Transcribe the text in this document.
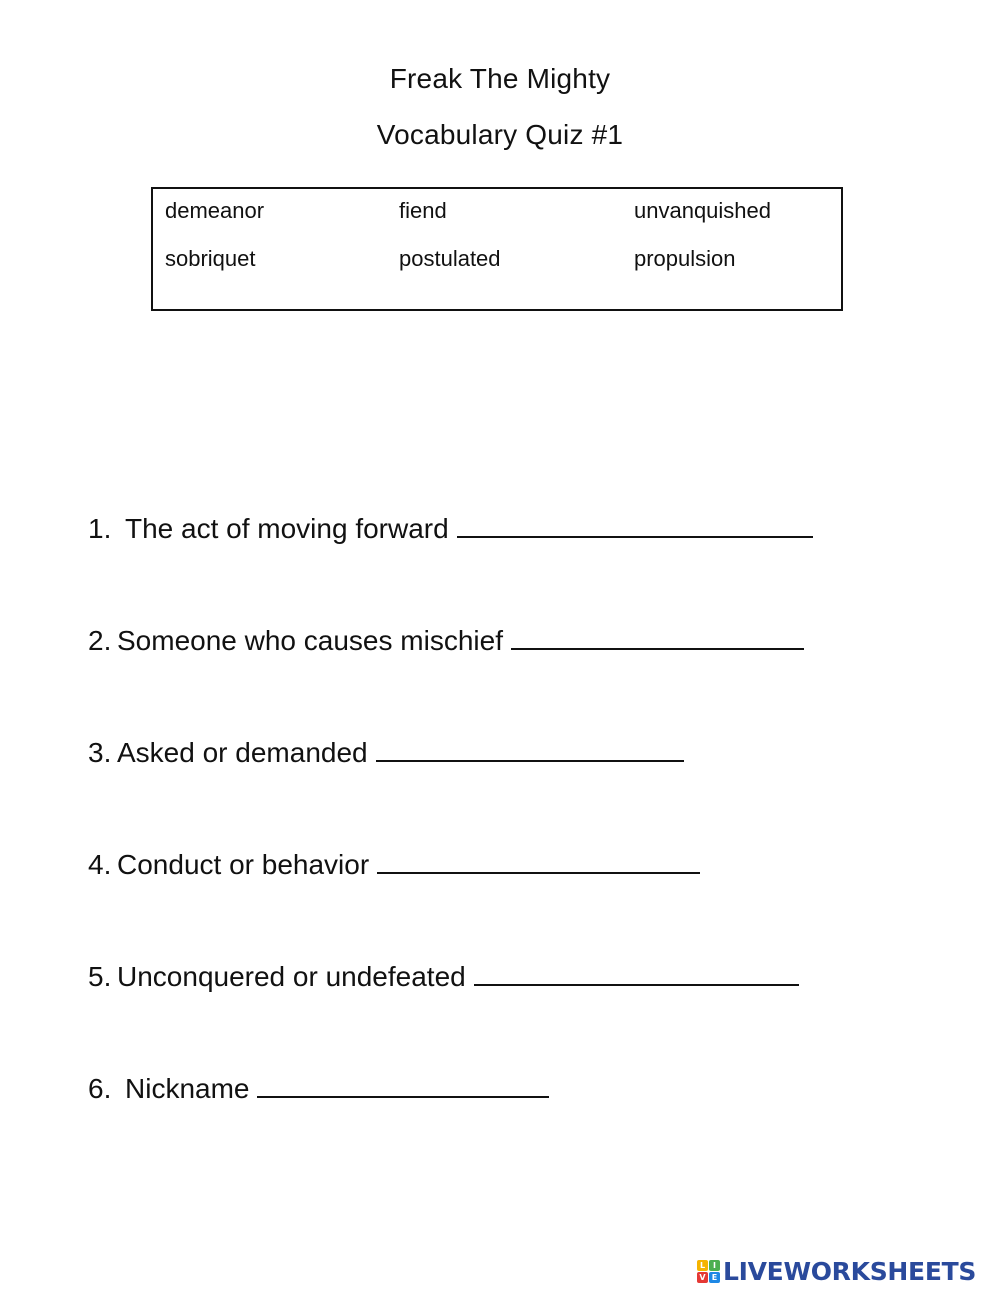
Freak The Mighty
Vocabulary Quiz #1
demeanor	fiend	unvanquished
sobriquet	postulated	propulsion
1. The act of moving forward
2. Someone who causes mischief
3. Asked or demanded
4. Conduct or behavior
5. Unconquered or undefeated
6. Nickname
L I
V E LIVEWORKSHEETS
